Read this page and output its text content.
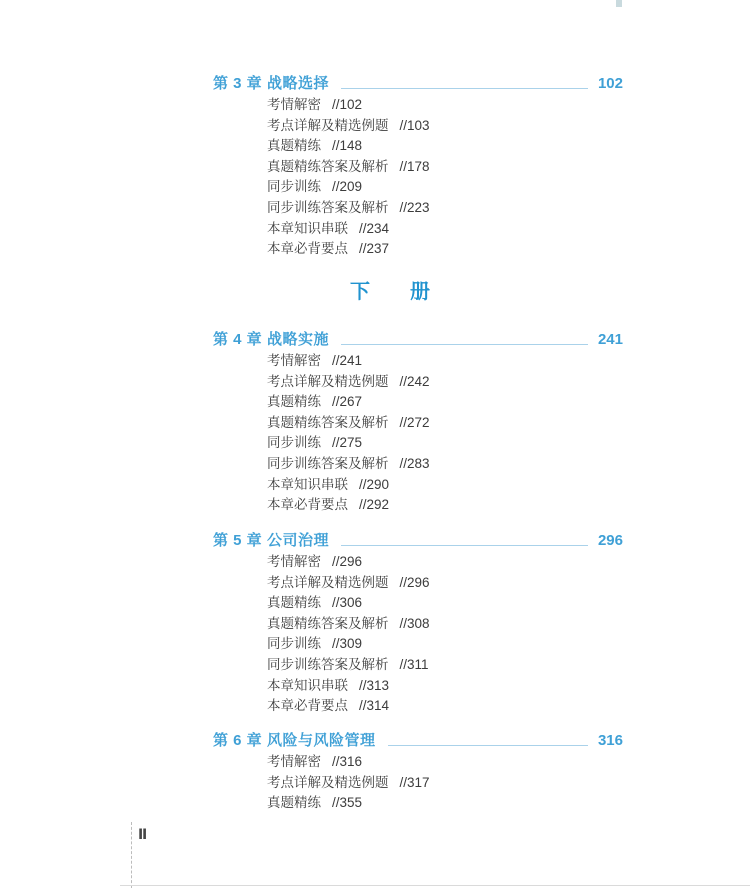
第 3 章 战略选择	102
考情解密 //102
考点详解及精选例题 //103
真题精练 //148
真题精练答案及解析 //178
同步训练 //209
同步训练答案及解析 //223
本章知识串联 //234
本章必背要点 //237
下　　册
第 4 章 战略实施	241
考情解密 //241
考点详解及精选例题 //242
真题精练 //267
真题精练答案及解析 //272
同步训练 //275
同步训练答案及解析 //283
本章知识串联 //290
本章必背要点 //292
第 5 章 公司治理	296
考情解密 //296
考点详解及精选例题 //296
真题精练 //306
真题精练答案及解析 //308
同步训练 //309
同步训练答案及解析 //311
本章知识串联 //313
本章必背要点 //314
第 6 章 风险与风险管理	316
考情解密 //316
考点详解及精选例题 //317
真题精练 //355
Ⅱ
